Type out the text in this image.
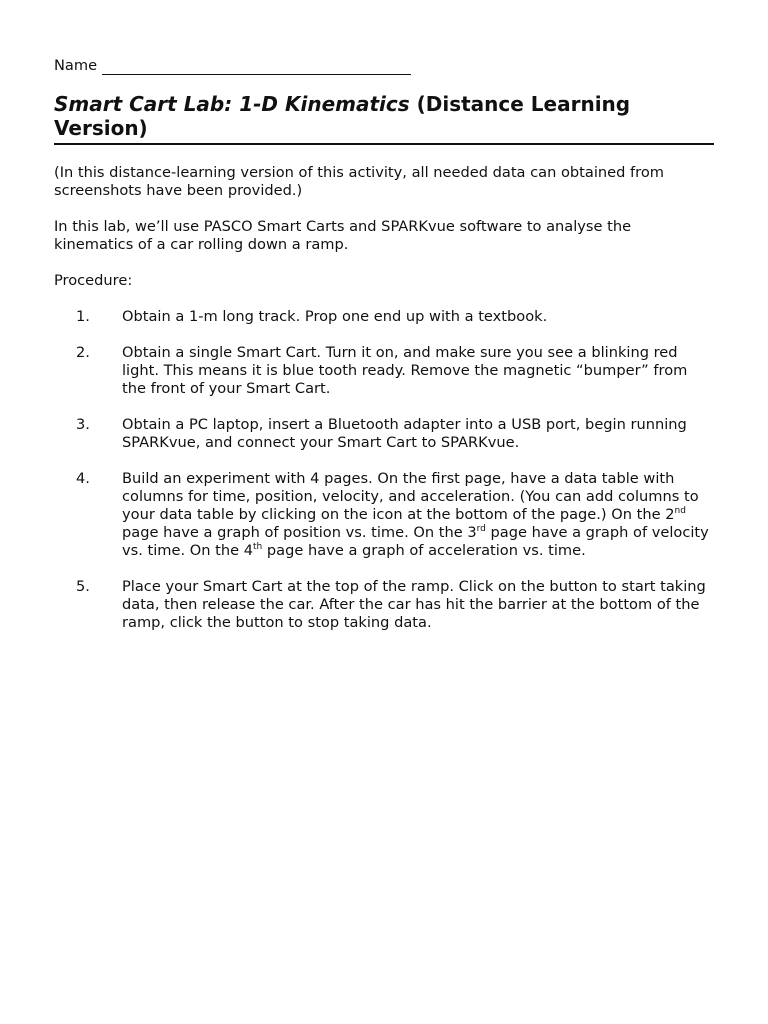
Name
Smart Cart Lab: 1-D Kinematics (Distance Learning Version)

(In this distance-learning version of this activity, all needed data can obtained from screenshots have been provided.)

In this lab, we’ll use PASCO Smart Carts and SPARKvue software to analyse the kinematics of a car rolling down a ramp.

Procedure:

1. Obtain a 1-m long track. Prop one end up with a textbook.
2. Obtain a single Smart Cart. Turn it on, and make sure you see a blinking red light. This means it is blue tooth ready. Remove the magnetic “bumper” from the front of your Smart Cart.
3. Obtain a PC laptop, insert a Bluetooth adapter into a USB port, begin running SPARKvue, and connect your Smart Cart to SPARKvue.
4. Build an experiment with 4 pages. On the first page, have a data table with columns for time, position, velocity, and acceleration. (You can add columns to your data table by clicking on the icon at the bottom of the page.) On the 2nd page have a graph of position vs. time. On the 3rd page have a graph of velocity vs. time. On the 4th page have a graph of acceleration vs. time.
5. Place your Smart Cart at the top of the ramp. Click on the button to start taking data, then release the car. After the car has hit the barrier at the bottom of the ramp, click the button to stop taking data.
